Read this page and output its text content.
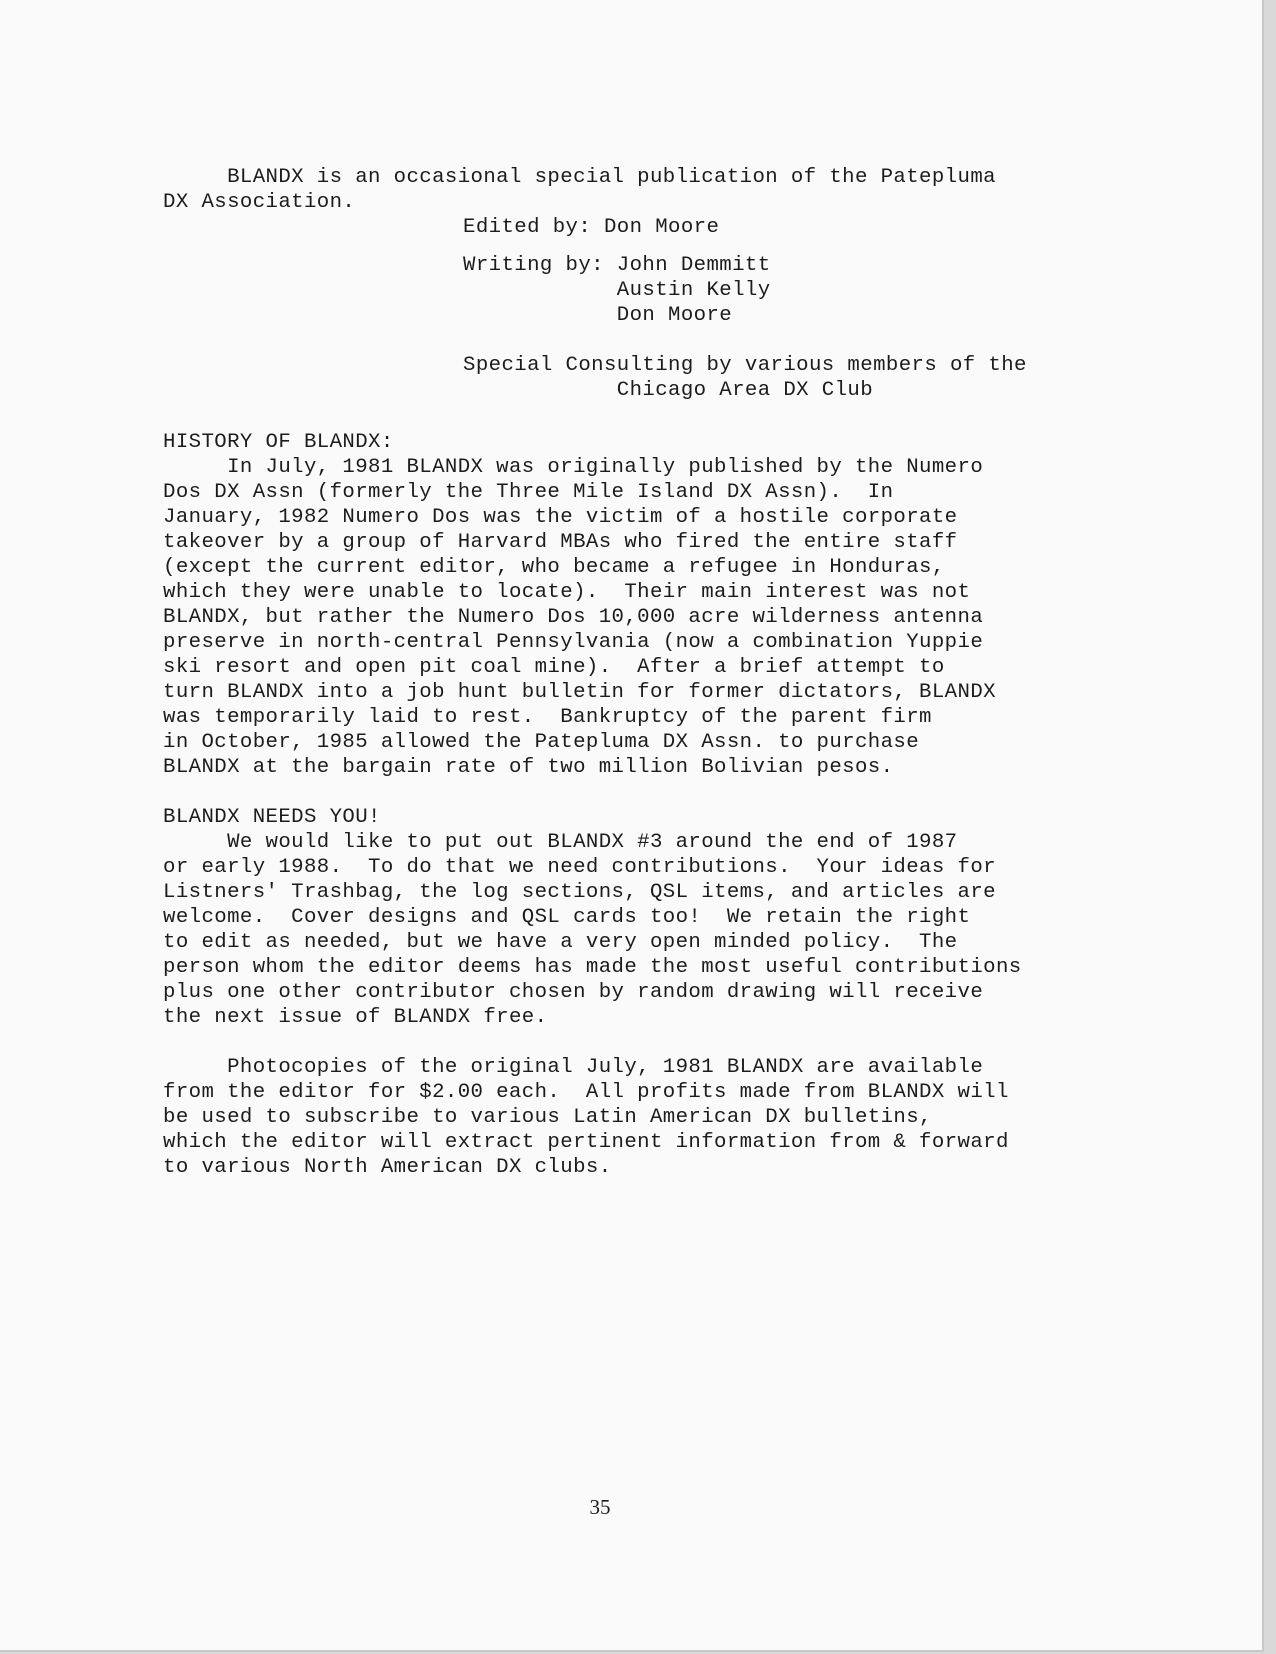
BLANDX is an occasional special publication of the Patepluma

DX Association.

Edited by: Don Moore

Writing by: John Demmitt

Austin Kelly

Don Moore

Special Consulting by various members of the

Chicago Area DX Club

HISTORY OF BLANDX:

In July, 1981 BLANDX was originally published by the Numero

Dos DX Assn (formerly the Three Mile Island DX Assn).  In

January, 1982 Numero Dos was the victim of a hostile corporate

takeover by a group of Harvard MBAs who fired the entire staff

(except the current editor, who became a refugee in Honduras,

which they were unable to locate).  Their main interest was not

BLANDX, but rather the Numero Dos 10,000 acre wilderness antenna

preserve in north-central Pennsylvania (now a combination Yuppie

ski resort and open pit coal mine).  After a brief attempt to

turn BLANDX into a job hunt bulletin for former dictators, BLANDX

was temporarily laid to rest.  Bankruptcy of the parent firm

in October, 1985 allowed the Patepluma DX Assn. to purchase

BLANDX at the bargain rate of two million Bolivian pesos.

BLANDX NEEDS YOU!

We would like to put out BLANDX #3 around the end of 1987

or early 1988.  To do that we need contributions.  Your ideas for

Listners' Trashbag, the log sections, QSL items, and articles are

welcome.  Cover designs and QSL cards too!  We retain the right

to edit as needed, but we have a very open minded policy.  The

person whom the editor deems has made the most useful contributions

plus one other contributor chosen by random drawing will receive

the next issue of BLANDX free.

Photocopies of the original July, 1981 BLANDX are available

from the editor for $2.00 each.  All profits made from BLANDX will

be used to subscribe to various Latin American DX bulletins,

which the editor will extract pertinent information from & forward

to various North American DX clubs.

35
